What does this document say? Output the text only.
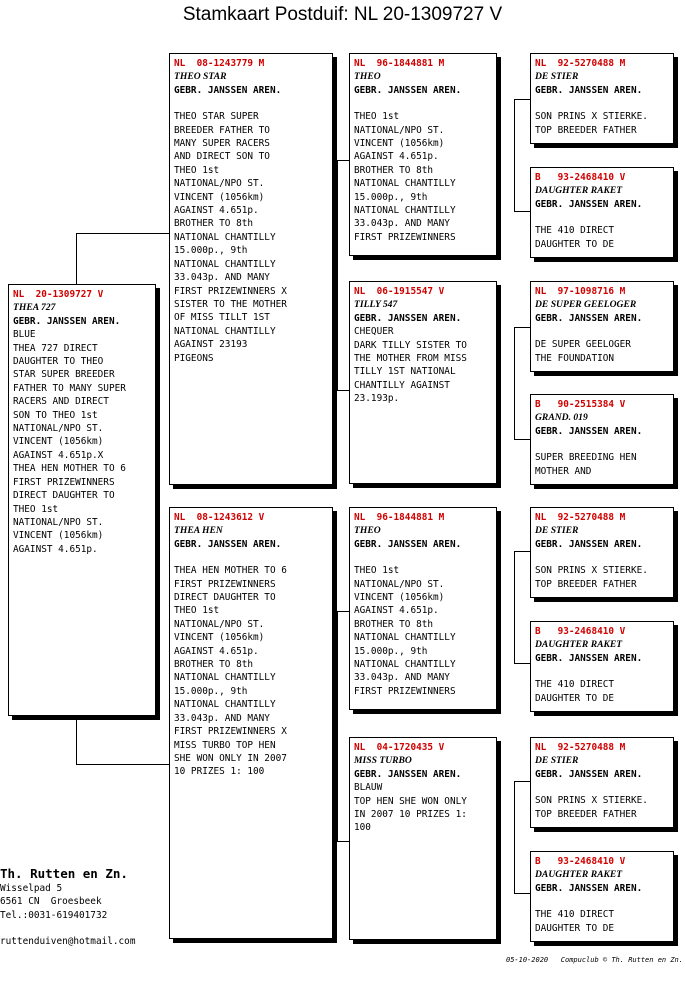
Stamkaart Postduif: NL 20-1309727 V
NL  20-1309727 V
THEA 727
GEBR. JANSSEN AREN.
BLUE
THEA 727 DIRECT
DAUGHTER TO THEO
STAR SUPER BREEDER
FATHER TO MANY SUPER
RACERS AND DIRECT
SON TO THEO 1st
NATIONAL/NPO ST.
VINCENT (1056km)
AGAINST 4.651p.X
THEA HEN MOTHER TO 6
FIRST PRIZEWINNERS
DIRECT DAUGHTER TO
THEO 1st
NATIONAL/NPO ST.
VINCENT (1056km)
AGAINST 4.651p.
NL  08-1243779 M
THEO STAR
GEBR. JANSSEN AREN.
THEO STAR SUPER
BREEDER FATHER TO
MANY SUPER RACERS
AND DIRECT SON TO
THEO 1st
NATIONAL/NPO ST.
VINCENT (1056km)
AGAINST 4.651p.
BROTHER TO 8th
NATIONAL CHANTILLY
15.000p., 9th
NATIONAL CHANTILLY
33.043p. AND MANY
FIRST PRIZEWINNERS X
SISTER TO THE MOTHER
OF MISS TILLT 1ST
NATIONAL CHANTILLY
AGAINST 23193
PIGEONS
NL  08-1243612 V
THEA HEN
GEBR. JANSSEN AREN.
THEA HEN MOTHER TO 6
FIRST PRIZEWINNERS
DIRECT DAUGHTER TO
THEO 1st
NATIONAL/NPO ST.
VINCENT (1056km)
AGAINST 4.651p.
BROTHER TO 8th
NATIONAL CHANTILLY
15.000p., 9th
NATIONAL CHANTILLY
33.043p. AND MANY
FIRST PRIZEWINNERS X
MISS TURBO TOP HEN
SHE WON ONLY IN 2007
10 PRIZES 1: 100
NL  96-1844881 M
THEO
GEBR. JANSSEN AREN.
THEO 1st
NATIONAL/NPO ST.
VINCENT (1056km)
AGAINST 4.651p.
BROTHER TO 8th
NATIONAL CHANTILLY
15.000p., 9th
NATIONAL CHANTILLY
33.043p. AND MANY
FIRST PRIZEWINNERS
NL  06-1915547 V
TILLY 547
GEBR. JANSSEN AREN.
CHEQUER
DARK TILLY SISTER TO
THE MOTHER FROM MISS
TILLY 1ST NATIONAL
CHANTILLY AGAINST
23.193p.
NL  96-1844881 M
THEO
GEBR. JANSSEN AREN.
THEO 1st
NATIONAL/NPO ST.
VINCENT (1056km)
AGAINST 4.651p.
BROTHER TO 8th
NATIONAL CHANTILLY
15.000p., 9th
NATIONAL CHANTILLY
33.043p. AND MANY
FIRST PRIZEWINNERS
NL  04-1720435 V
MISS TURBO
GEBR. JANSSEN AREN.
BLAUW
TOP HEN SHE WON ONLY
IN 2007 10 PRIZES 1:
100
NL  92-5270488 M
DE STIER
GEBR. JANSSEN AREN.
SON PRINS X STIERKE.
TOP BREEDER FATHER
B   93-2468410 V
DAUGHTER RAKET
GEBR. JANSSEN AREN.
THE 410 DIRECT
DAUGHTER TO DE
NL  97-1098716 M
DE SUPER GEELOGER
GEBR. JANSSEN AREN.
DE SUPER GEELOGER
THE FOUNDATION
B   90-2515384 V
GRAND. 019
GEBR. JANSSEN AREN.
SUPER BREEDING HEN
MOTHER AND
NL  92-5270488 M
DE STIER
GEBR. JANSSEN AREN.
SON PRINS X STIERKE.
TOP BREEDER FATHER
B   93-2468410 V
DAUGHTER RAKET
GEBR. JANSSEN AREN.
THE 410 DIRECT
DAUGHTER TO DE
NL  92-5270488 M
DE STIER
GEBR. JANSSEN AREN.
SON PRINS X STIERKE.
TOP BREEDER FATHER
B   93-2468410 V
DAUGHTER RAKET
GEBR. JANSSEN AREN.
THE 410 DIRECT
DAUGHTER TO DE
Th. Rutten en Zn.
Wisselpad 5
6561 CN  Groesbeek
Tel.:0031-619401732
ruttenduiven@hotmail.com
05-10-2020   Compuclub © Th. Rutten en Zn.
